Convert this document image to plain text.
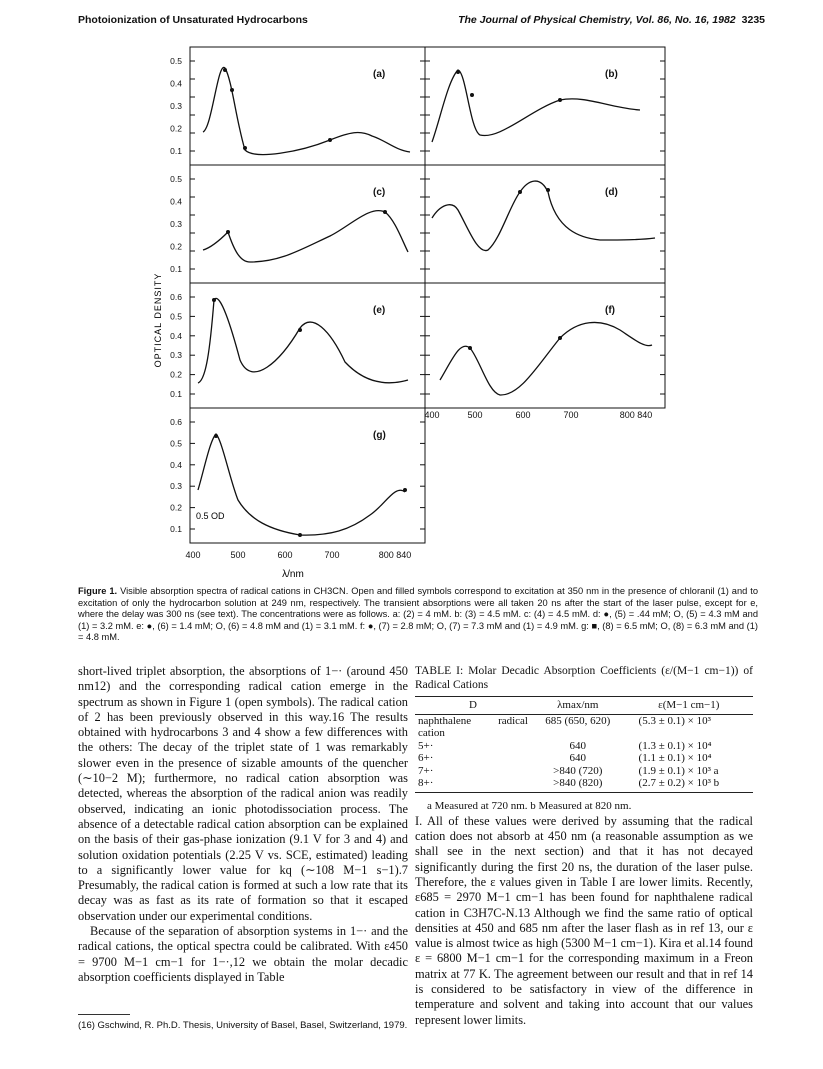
Photoionization of Unsaturated Hydrocarbons	The Journal of Physical Chemistry, Vol. 86, No. 16, 1982 3235
(a)
0.5
0.4
0.3
0.2
0.1
(b)
(c)
0.5
0.4
0.3
0.2
0.1
(d)
(e)
0.6
0.5
0.4
0.3
0.2
0.1
(f)
(g)
0.6
0.5
0.4
0.3
0.2
0.1
400
400
500
500
600
600
700
700
800 840
800 840
OPTICAL DENSITY
λ/nm
0.5 OD
Figure 1. Visible absorption spectra of radical cations in CH3CN. Open and filled symbols correspond to excitation at 350 nm in the presence of chloranil (1) and to excitation of only the hydrocarbon solution at 249 nm, respectively. The transient absorptions were all taken 20 ns after the start of the laser pulse, except for e, where the delay was 300 ns (see text). The concentrations were as follows. a: (2) = 4 mM. b: (3) = 4.5 mM. c: (4) = 4.5 mM. d: ●, (5) = .44 mM; O, (5) = 4.3 mM and (1) = 3.2 mM. e: ●, (6) = 1.4 mM; O, (6) = 4.8 mM and (1) = 3.1 mM. f: ●, (7) = 2.8 mM; O, (7) = 7.3 mM and (1) = 4.9 mM. g: ■, (8) = 6.5 mM; O, (8) = 6.3 mM and (1) = 4.8 mM.

short-lived triplet absorption, the absorptions of 1−· (around 450 nm12) and the corresponding radical cation emerge in the spectrum as shown in Figure 1 (open symbols). The radical cation of 2 has been previously observed in this way.16 The results obtained with hydrocarbons 3 and 4 show a few differences with the others: The decay of the triplet state of 1 was remarkably slower even in the presence of sizable amounts of the quencher (∼10−2 M); furthermore, no radical cation absorption was detected, whereas the absorption of the radical anion was readily observed, indicating an ionic photodissociation process. The absence of a detectable radical cation absorption can be explained on the basis of their gas-phase ionization (9.1 V for 3 and 4) and solution oxidation potentials (2.25 V vs. SCE, estimated) leading to a significantly lower value for kq (∼108 M−1 s−1).7 Presumably, the radical cation is formed at such a low rate that its decay was as fast as its rate of formation so that it escaped observation under our experimental conditions.

Because of the separation of absorption systems in 1−· and the radical cations, the optical spectra could be calibrated. With ε450 = 9700 M−1 cm−1 for 1−·,12 we obtain the molar decadic absorption coefficients displayed in Table

(16) Gschwind, R. Ph.D. Thesis, University of Basel, Basel, Switzerland, 1979.
TABLE I: Molar Decadic Absorption Coefficients (ε/(M−1 cm−1)) of Radical Cations
D	λmax/nm	ε(M−1 cm−1)
naphthalene radical cation	685 (650, 620)	(5.3 ± 0.1) × 10³
5+·	640	(1.3 ± 0.1) × 10⁴
6+·	640	(1.1 ± 0.1) × 10⁴
7+·	>840 (720)	(1.9 ± 0.1) × 10³ a
8+·	>840 (820)	(2.7 ± 0.2) × 10³ b
a Measured at 720 nm. b Measured at 820 nm.

I. All of these values were derived by assuming that the radical cation does not absorb at 450 nm (a reasonable assumption as we shall see in the next section) and that it has not decayed significantly during the first 20 ns, the duration of the laser pulse. Therefore, the ε values given in Table I are lower limits. Recently, ε685 = 2970 M−1 cm−1 has been found for naphthalene radical cation in C3H7C-N.13 Although we find the same ratio of optical densities at 450 and 685 nm after the laser flash as in ref 13, our ε value is almost twice as high (5300 M−1 cm−1). Kira et al.14 found ε = 6800 M−1 cm−1 for the corresponding maximum in a Freon matrix at 77 K. The agreement between our result and that in ref 14 is considered to be satisfactory in view of the difference in temperature and solvent and taking into account that our values represent lower limits.
